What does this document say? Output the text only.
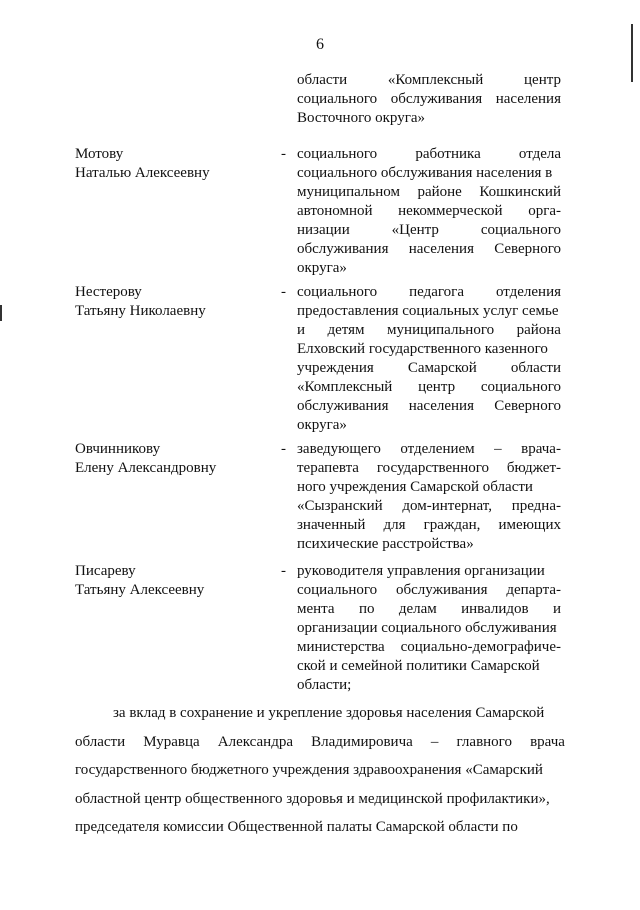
6
области	«Комплексный	центр
социального обслуживания населения
Восточного округа»
Мотову
Наталью Алексеевну
- социального	работника	отдела
социального обслуживания населения в
муниципальном районе Кошкинский
автономной некоммерческой орга-
низации	«Центр	социального
обслуживания населения Северного
округа»
Нестерову
Татьяну Николаевну
- социального педагога отделения
предоставления социальных услуг семье
и детям муниципального района
Елховский государственного казенного
учреждения Самарской области
«Комплексный центр социального
обслуживания населения Северного
округа»
Овчинникову
Елену Александровну
- заведующего отделением – врача-
терапевта государственного бюджет-
ного учреждения Самарской области
«Сызранский дом-интернат, предна-
значенный для граждан, имеющих
психические расстройства»
Писареву
Татьяну Алексеевну
- руководителя управления организации
социального обслуживания департа-
мента по делам инвалидов и
организации социального обслуживания
министерства социально-демографиче-
ской и семейной политики Самарской
области;
за вклад в сохранение и укрепление здоровья населения Самарской
области Муравца Александра Владимировича – главного врача
государственного бюджетного учреждения здравоохранения «Самарский
областной центр общественного здоровья и медицинской профилактики»,
председателя комиссии Общественной палаты Самарской области по
